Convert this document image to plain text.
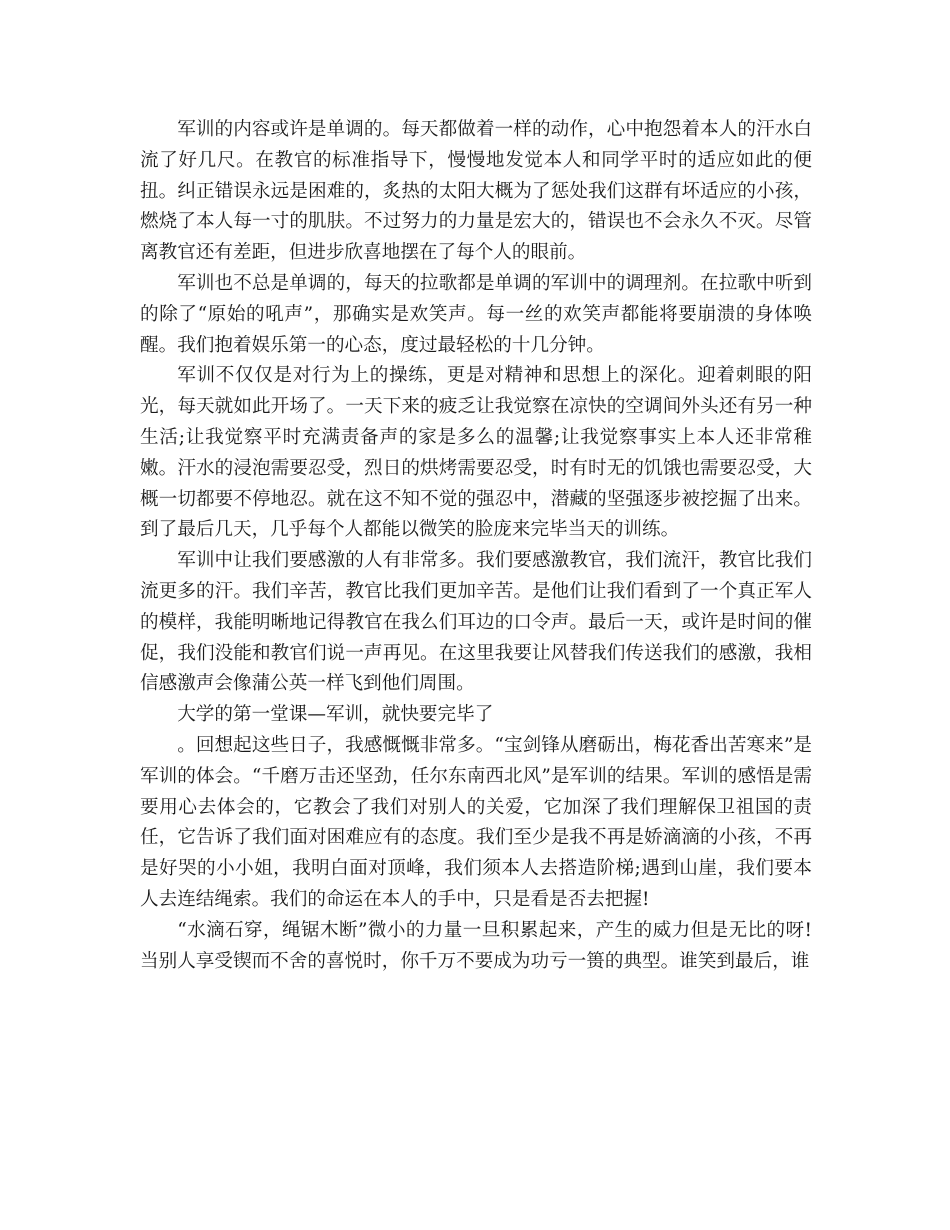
军训的内容或许是单调的。每天都做着一样的动作，心中抱怨着本人的汗水白流了好几尺。在教官的标准指导下，慢慢地发觉本人和同学平时的适应如此的便扭。纠正错误永远是困难的，炙热的太阳大概为了惩处我们这群有坏适应的小孩，燃烧了本人每一寸的肌肤。不过努力的力量是宏大的，错误也不会永久不灭。尽管离教官还有差距，但进步欣喜地摆在了每个人的眼前。

军训也不总是单调的，每天的拉歌都是单调的军训中的调理剂。在拉歌中听到的除了“原始的吼声”，那确实是欢笑声。每一丝的欢笑声都能将要崩溃的身体唤醒。我们抱着娱乐第一的心态，度过最轻松的十几分钟。

军训不仅仅是对行为上的操练，更是对精神和思想上的深化。迎着刺眼的阳光，每天就如此开场了。一天下来的疲乏让我觉察在凉快的空调间外头还有另一种生活;让我觉察平时充满责备声的家是多么的温馨;让我觉察事实上本人还非常稚嫩。汗水的浸泡需要忍受，烈日的烘烤需要忍受，时有时无的饥饿也需要忍受，大概一切都要不停地忍。就在这不知不觉的强忍中，潜藏的坚强逐步被挖掘了出来。到了最后几天，几乎每个人都能以微笑的脸庞来完毕当天的训练。

军训中让我们要感激的人有非常多。我们要感激教官，我们流汗，教官比我们流更多的汗。我们辛苦，教官比我们更加辛苦。是他们让我们看到了一个真正军人的模样，我能明晰地记得教官在我么们耳边的口令声。最后一天，或许是时间的催促，我们没能和教官们说一声再见。在这里我要让风替我们传送我们的感激，我相信感激声会像蒲公英一样飞到他们周围。

大学的第一堂课—军训，就快要完毕了

。回想起这些日子，我感慨慨非常多。“宝剑锋从磨砺出，梅花香出苦寒来”是军训的体会。“千磨万击还坚劲，任尔东南西北风”是军训的结果。军训的感悟是需要用心去体会的，它教会了我们对别人的关爱，它加深了我们理解保卫祖国的责任，它告诉了我们面对困难应有的态度。我们至少是我不再是娇滴滴的小孩，不再是好哭的小小姐，我明白面对顶峰，我们须本人去搭造阶梯;遇到山崖，我们要本人去连结绳索。我们的命运在本人的手中，只是看是否去把握!

“水滴石穿，绳锯木断”微小的力量一旦积累起来，产生的威力但是无比的呀!当别人享受锲而不舍的喜悦时，你千万不要成为功亏一篑的典型。谁笑到最后，谁
